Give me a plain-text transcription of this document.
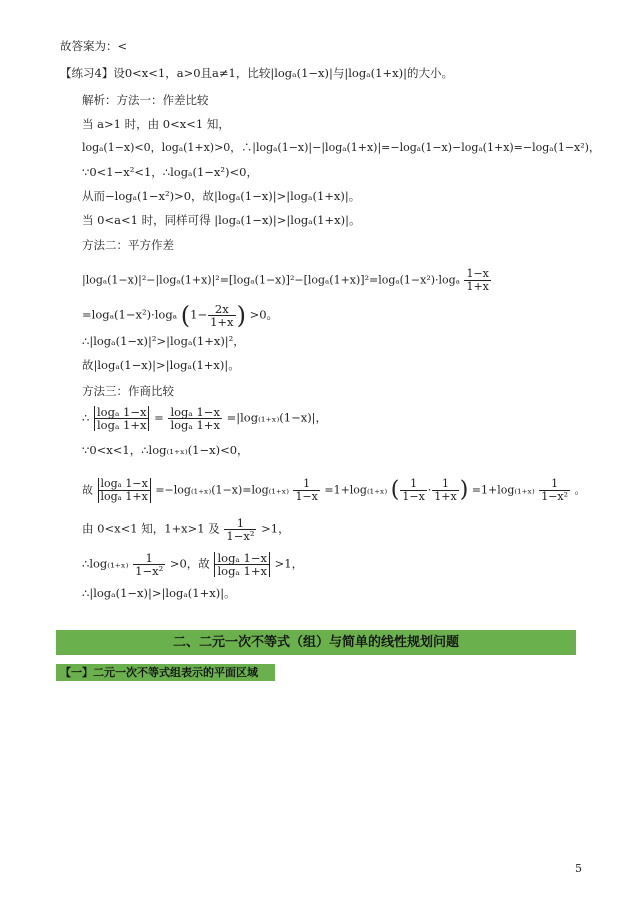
故答案为：<
【练习4】设0<x<1，a>0且a≠1，比较|logₐ(1−x)|与|logₐ(1+x)|的大小。
解析：方法一：作差比较
当 a>1 时，由 0<x<1 知，
logₐ(1−x)<0，logₐ(1+x)>0，∴|logₐ(1−x)|−|logₐ(1+x)|=−logₐ(1−x)−logₐ(1+x)=−logₐ(1−x²)，
∵0<1−x²<1，∴logₐ(1−x²)<0，
从而−logₐ(1−x²)>0，故|logₐ(1−x)|>|logₐ(1+x)|。
当 0<a<1 时，同样可得 |logₐ(1−x)|>|logₐ(1+x)|。
方法二：平方作差
$|\log_a(1-x)|^2-|\log_a(1+x)|^2=[\log_a(1-x)]^2-[\log_a(1+x)]^2=\log_a(1-x^2)\cdot\log_a \frac{1-x}{1+x}$
=logₐ(1−x²)·logₐ ($1- \frac{2x}{1+x}$ ) >0。
∴|logₐ(1−x)|²>|logₐ(1+x)|²，
故|logₐ(1−x)|>|logₐ(1+x)|。
方法三：作商比较
∴ $\frac{\text{logₐ 1−x}}{\text{logₐ 1+x}} = \frac{\text{logₐ 1−x}}{\text{logₐ 1+x}} =|\log_{(1+x)}(1-x)|$，
∵0<x<1，∴log₍₁₊ₓ₎(1−x)<0，
故 $\frac{\text{logₐ 1−x}}{\text{logₐ 1+x}} =-\log_{(1+x)}(1-x)=\log_{(1+x)} \frac{1}{1-x} =1+\log_{(1+x)}$ ( $\frac{1}{1-x} \cdot \frac{1}{1+x}$ ) $=1+\log_{(1+x)} \frac{1}{\text{1−x²}}$ 。
由 0<x<1 知，1+x>1 及 $\frac{1}{\text{1−x²}} >1$，
∴log₍₁₊ₓ₎ $\frac{1}{\text{1−x²}} >0$，故 $\frac{\text{logₐ 1−x}}{\text{logₐ 1+x}} >1$，
∴|logₐ(1−x)|>|logₐ(1+x)|。
二、二元一次不等式（组）与简单的线性规划问题
【一】二元一次不等式组表示的平面区域
5
